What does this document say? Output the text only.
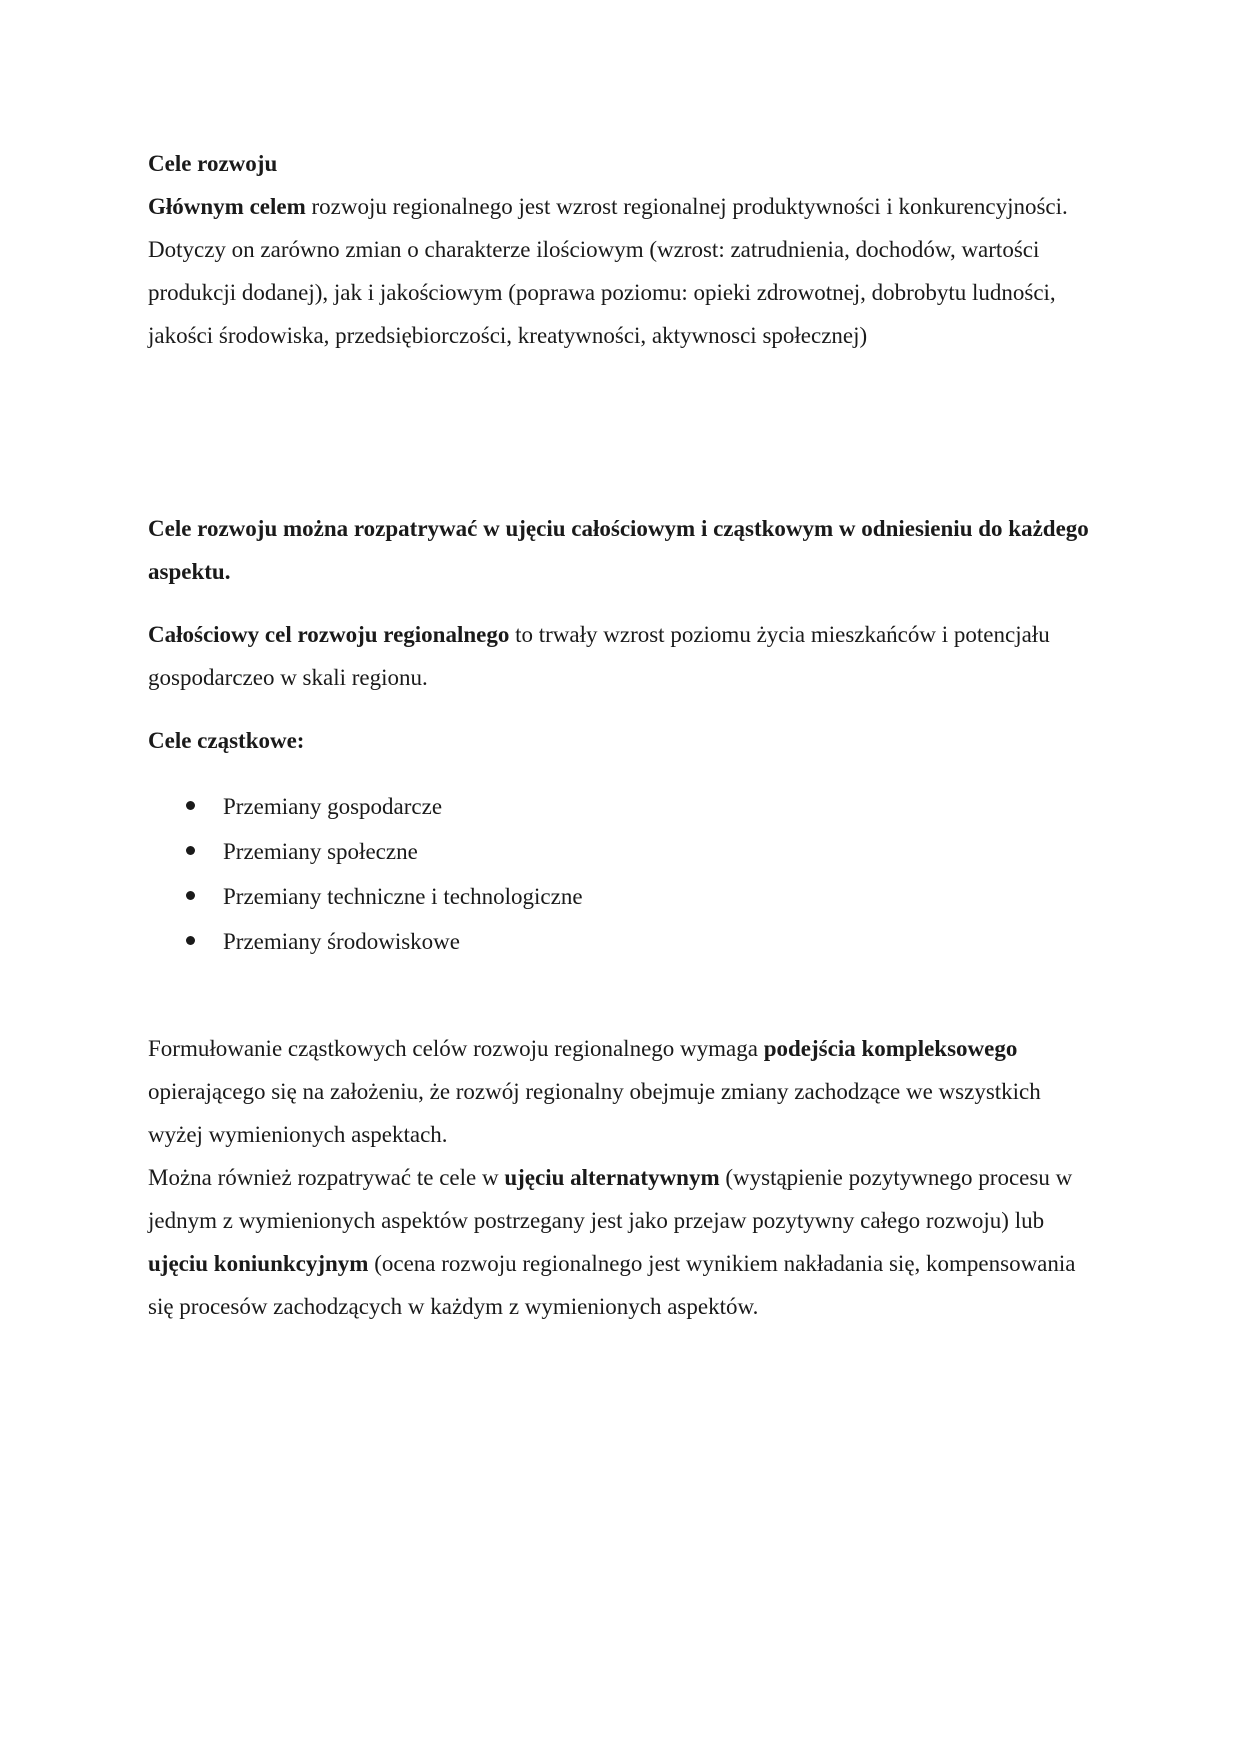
Cele rozwoju

Głównym celem rozwoju regionalnego jest wzrost regionalnej produktywności i konkurencyjności.

Dotyczy on zarówno zmian o charakterze ilościowym (wzrost: zatrudnienia, dochodów, wartości produkcji dodanej), jak i jakościowym (poprawa poziomu: opieki zdrowotnej, dobrobytu ludności, jakości środowiska, przedsiębiorczości, kreatywności, aktywnosci społecznej)

Cele rozwoju można rozpatrywać w ujęciu całościowym i cząstkowym w odniesieniu do każdego aspektu.

Całościowy cel rozwoju regionalnego to trwały wzrost poziomu życia mieszkańców i potencjału gospodarczeo w skali regionu.

Cele cząstkowe:

Przemiany gospodarcze
Przemiany społeczne
Przemiany techniczne i technologiczne
Przemiany środowiskowe

Formułowanie cząstkowych celów rozwoju regionalnego wymaga podejścia kompleksowego opierającego się na założeniu, że rozwój regionalny obejmuje zmiany zachodzące we wszystkich wyżej wymienionych aspektach.

Można również rozpatrywać te cele w ujęciu alternatywnym (wystąpienie pozytywnego procesu w jednym z wymienionych aspektów postrzegany jest jako przejaw pozytywny całego rozwoju) lub ujęciu koniunkcyjnym (ocena rozwoju regionalnego jest wynikiem nakładania się, kompensowania się procesów zachodzących w każdym z wymienionych aspektów.
